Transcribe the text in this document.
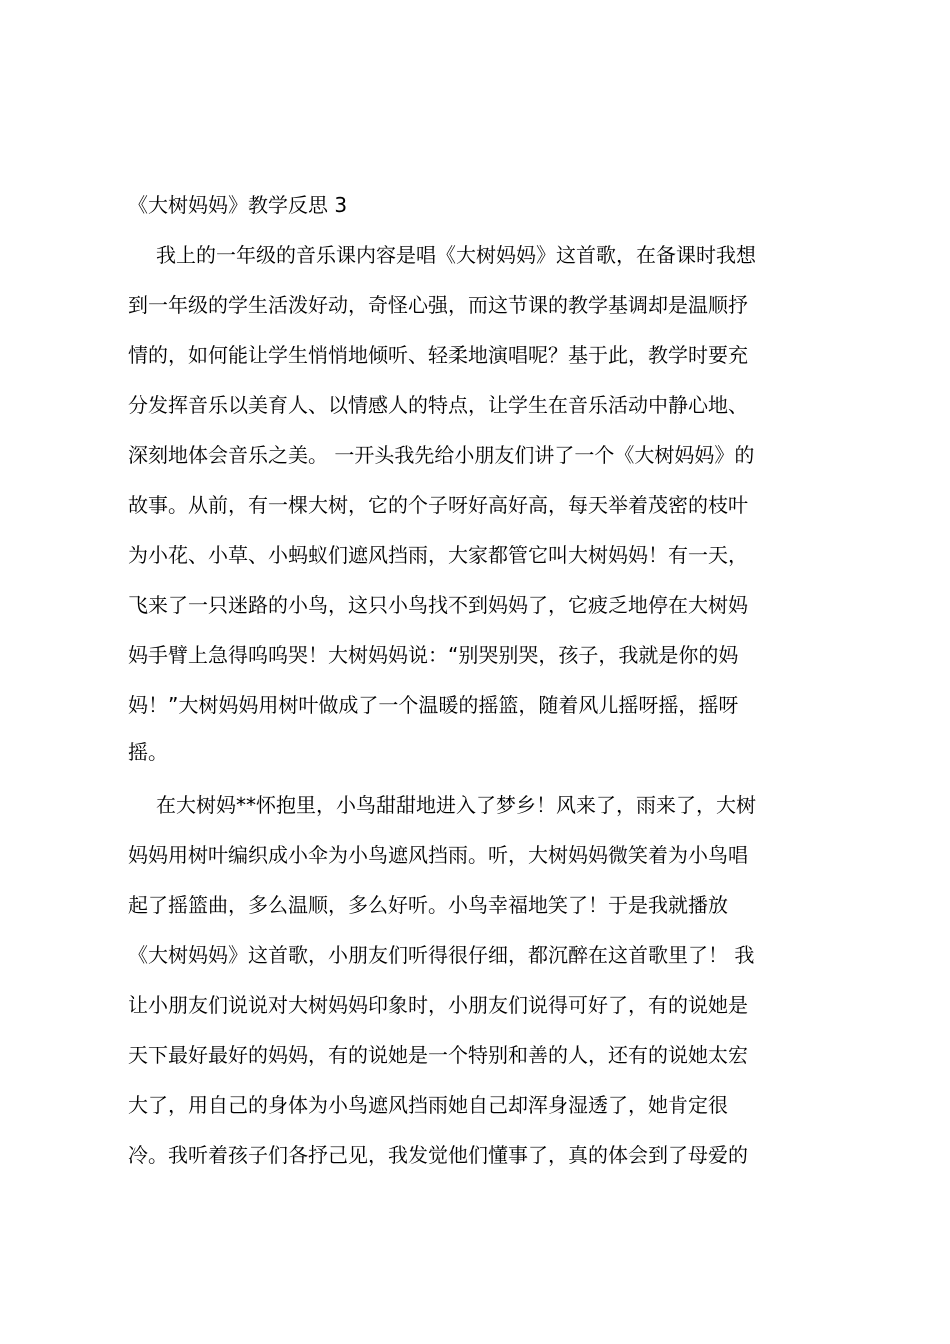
《大树妈妈》教学反思 3
我上的一年级的音乐课内容是唱《大树妈妈》这首歌，在备课时我想
到一年级的学生活泼好动，奇怪心强，而这节课的教学基调却是温顺抒
情的，如何能让学生悄悄地倾听、轻柔地演唱呢？基于此，教学时要充
分发挥音乐以美育人、以情感人的特点，让学生在音乐活动中静心地、
深刻地体会音乐之美。 一开头我先给小朋友们讲了一个《大树妈妈》的
故事。从前，有一棵大树，它的个子呀好高好高，每天举着茂密的枝叶
为小花、小草、小蚂蚁们遮风挡雨，大家都管它叫大树妈妈！有一天，
飞来了一只迷路的小鸟，这只小鸟找不到妈妈了，它疲乏地停在大树妈
妈手臂上急得呜呜哭！大树妈妈说：“别哭别哭，孩子，我就是你的妈
妈！”大树妈妈用树叶做成了一个温暖的摇篮，随着风儿摇呀摇，摇呀
摇。
在大树妈**怀抱里，小鸟甜甜地进入了梦乡！风来了，雨来了，大树
妈妈用树叶编织成小伞为小鸟遮风挡雨。听，大树妈妈微笑着为小鸟唱
起了摇篮曲，多么温顺，多么好听。小鸟幸福地笑了！于是我就播放
《大树妈妈》这首歌，小朋友们听得很仔细，都沉醉在这首歌里了！ 我
让小朋友们说说对大树妈妈印象时，小朋友们说得可好了，有的说她是
天下最好最好的妈妈，有的说她是一个特别和善的人，还有的说她太宏
大了，用自己的身体为小鸟遮风挡雨她自己却浑身湿透了，她肯定很
冷。我听着孩子们各抒己见，我发觉他们懂事了，真的体会到了母爱的
